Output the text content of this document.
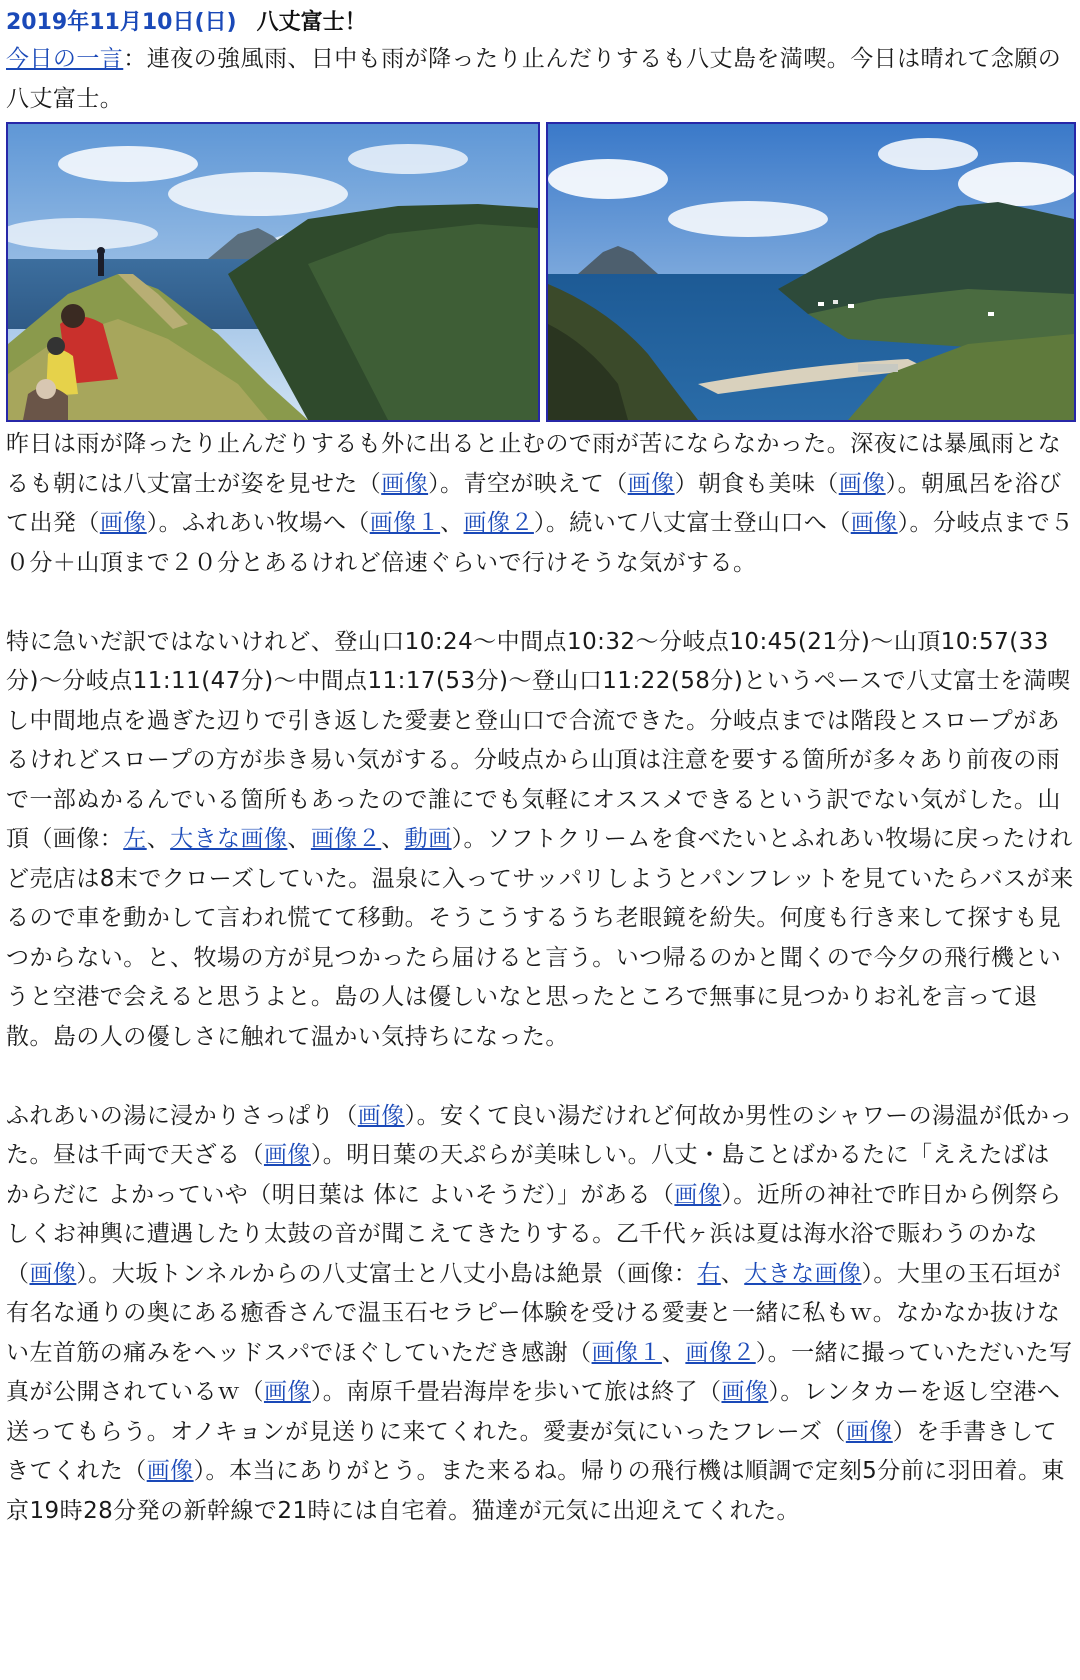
2019年11月10日(日) 八丈富士！

今日の一言：連夜の強風雨、日中も雨が降ったり止んだりするも八丈島を満喫。今日は晴れて念願の八丈富士。

昨日は雨が降ったり止んだりするも外に出ると止むので雨が苦にならなかった。深夜には暴風雨となるも朝には八丈富士が姿を見せた（画像）。青空が映えて（画像）朝食も美味（画像）。朝風呂を浴びて出発（画像）。ふれあい牧場へ（画像１、画像２）。続いて八丈富士登山口へ（画像）。分岐点まで５０分＋山頂まで２０分とあるけれど倍速ぐらいで行けそうな気がする。

特に急いだ訳ではないけれど、登山口10:24〜中間点10:32〜分岐点10:45(21分)〜山頂10:57(33分)〜分岐点11:11(47分)〜中間点11:17(53分)〜登山口11:22(58分)というペースで八丈富士を満喫し中間地点を過ぎた辺りで引き返した愛妻と登山口で合流できた。分岐点までは階段とスロープがあるけれどスロープの方が歩き易い気がする。分岐点から山頂は注意を要する箇所が多々あり前夜の雨で一部ぬかるんでいる箇所もあったので誰にでも気軽にオススメできるという訳でない気がした。山頂（画像：左、大きな画像、画像２、動画）。ソフトクリームを食べたいとふれあい牧場に戻ったけれど売店は8末でクローズしていた。温泉に入ってサッパリしようとパンフレットを見ていたらバスが来るので車を動かして言われ慌てて移動。そうこうするうち老眼鏡を紛失。何度も行き来して探すも見つからない。と、牧場の方が見つかったら届けると言う。いつ帰るのかと聞くので今夕の飛行機というと空港で会えると思うよと。島の人は優しいなと思ったところで無事に見つかりお礼を言って退散。島の人の優しさに触れて温かい気持ちになった。

ふれあいの湯に浸かりさっぱり（画像）。安くて良い湯だけれど何故か男性のシャワーの湯温が低かった。昼は千両で天ざる（画像）。明日葉の天ぷらが美味しい。八丈・島ことばかるたに「ええたばは からだに よかっていや（明日葉は 体に よいそうだ）」がある（画像）。近所の神社で昨日から例祭らしくお神輿に遭遇したり太鼓の音が聞こえてきたりする。乙千代ヶ浜は夏は海水浴で賑わうのかな（画像）。大坂トンネルからの八丈富士と八丈小島は絶景（画像：右、大きな画像）。大里の玉石垣が有名な通りの奥にある癒香さんで温玉石セラピー体験を受ける愛妻と一緒に私もｗ。なかなか抜けない左首筋の痛みをヘッドスパでほぐしていただき感謝（画像１、画像２）。一緒に撮っていただいた写真が公開されているｗ（画像）。南原千畳岩海岸を歩いて旅は終了（画像）。レンタカーを返し空港へ送ってもらう。オノキョンが見送りに来てくれた。愛妻が気にいったフレーズ（画像）を手書きしてきてくれた（画像）。本当にありがとう。また来るね。帰りの飛行機は順調で定刻5分前に羽田着。東京19時28分発の新幹線で21時には自宅着。猫達が元気に出迎えてくれた。
